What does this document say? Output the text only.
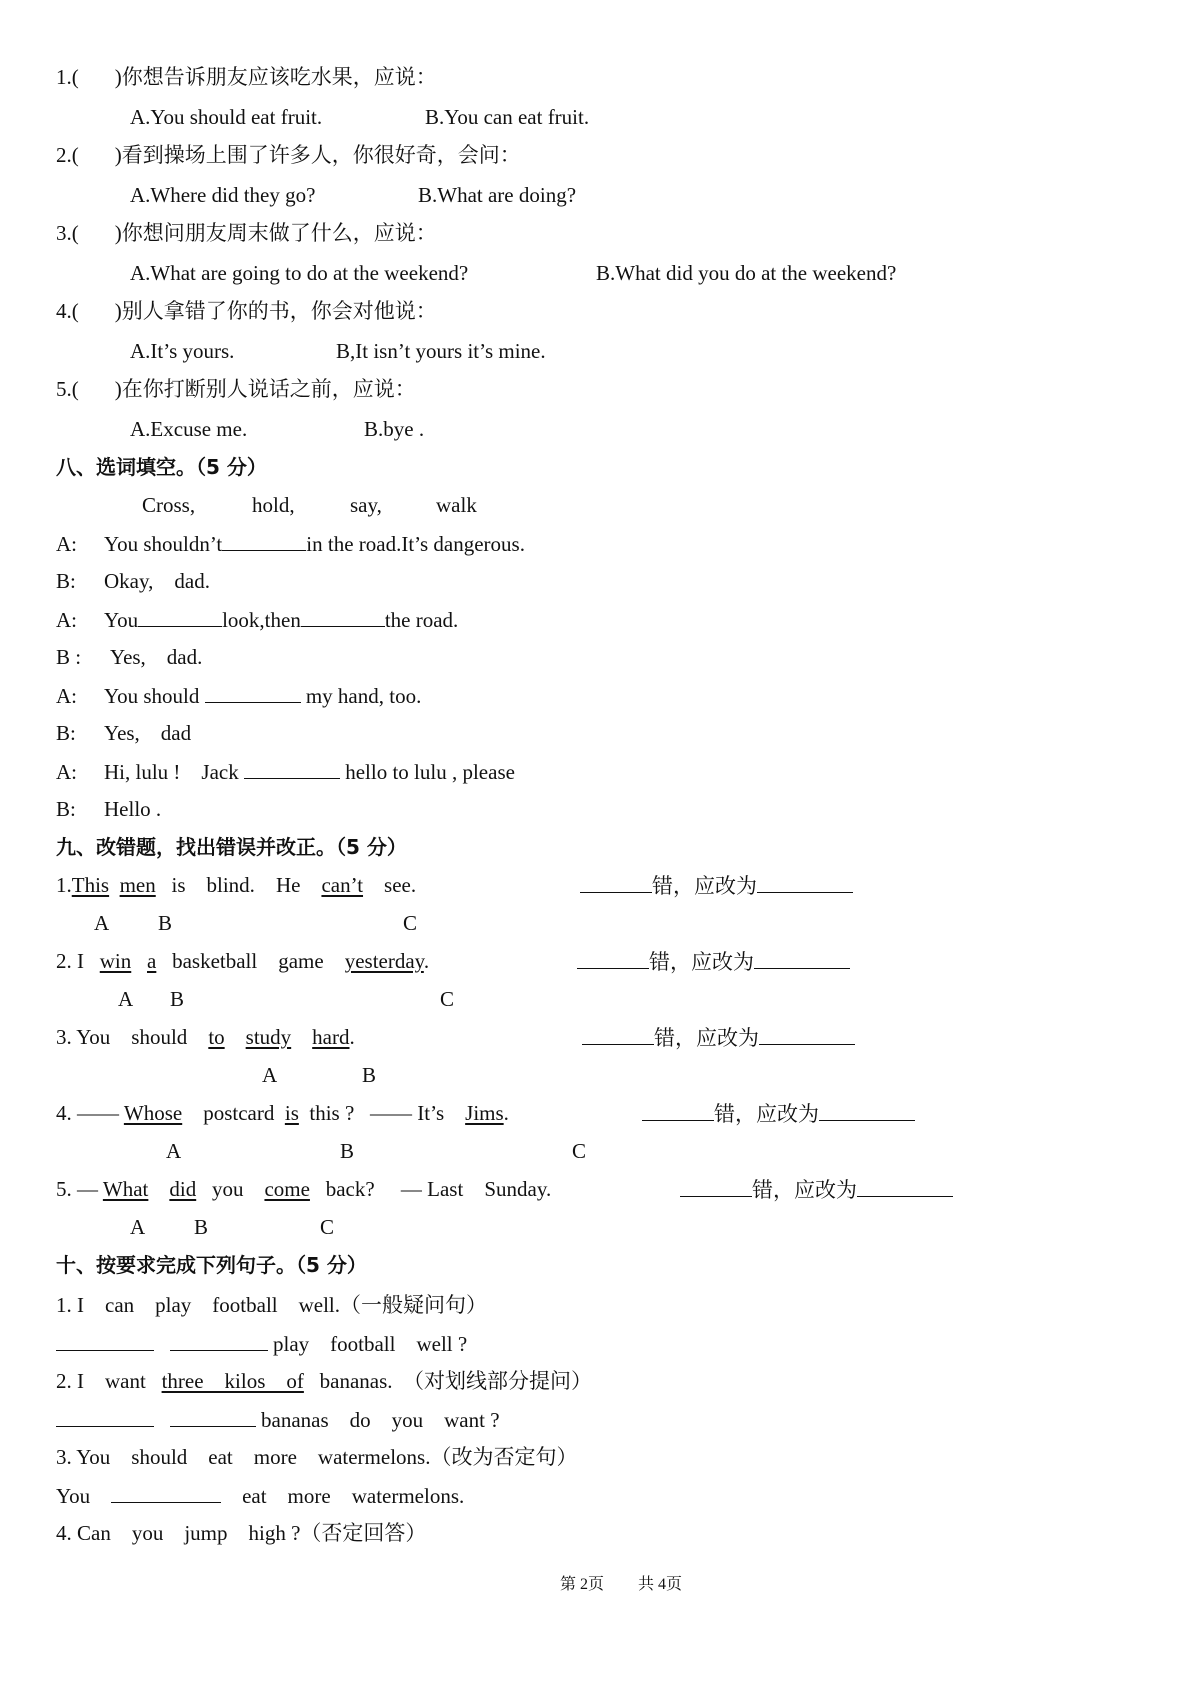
1.( )你想告诉朋友应该吃水果，应说：
A.You should eat fruit.	B.You can eat fruit.
2.( )看到操场上围了许多人，你很好奇，会问：
A.Where did they go?	B.What are doing?
3.( )你想问朋友周末做了什么，应说：
A.What are going to do at the weekend?	B.What did you do at the weekend?
4.( )别人拿错了你的书，你会对他说：
A.It’s yours.	B,It isn’t yours it’s mine.
5.( )在你打断别人说话之前，应说：
A.Excuse me.	B.bye .
八、选词填空。（5 分）
Cross,	hold,	say,	walk
A: You shouldn’t	in the road.It’s dangerous.
B: Okay,    dad.
A: You	look,then	the road.
B : Yes,    dad.
A: You should	my hand, too.
B: Yes,    dad
A: Hi, lulu !    Jack	hello to lulu , please
B: Hello .
九、改错题，找出错误并改正。（5 分）
1.This men is blind. He can’t see.	错，应改为
A B	C
2. I win a basketball game yesterday.	错，应改为
A B	C
3. You should to study hard.	错，应改为
A	B
4. —— Whose postcard is this ? —— It’s Jims.	错，应改为
A	B	C
5. — What did you come back? — Last Sunday.	错，应改为
A B	C
十、按要求完成下列句子。（5 分）
1. I    can    play    football    well.（一般疑问句）
play    football    well ?
2. I    want three    kilos    of bananas.  （对划线部分提问）
bananas    do    you    want ?
3. You    should    eat    more    watermelons.（改为否定句）
You	eat    more    watermelons.
4. Can    you    jump    high ?（否定回答）
第 2页 共 4页
